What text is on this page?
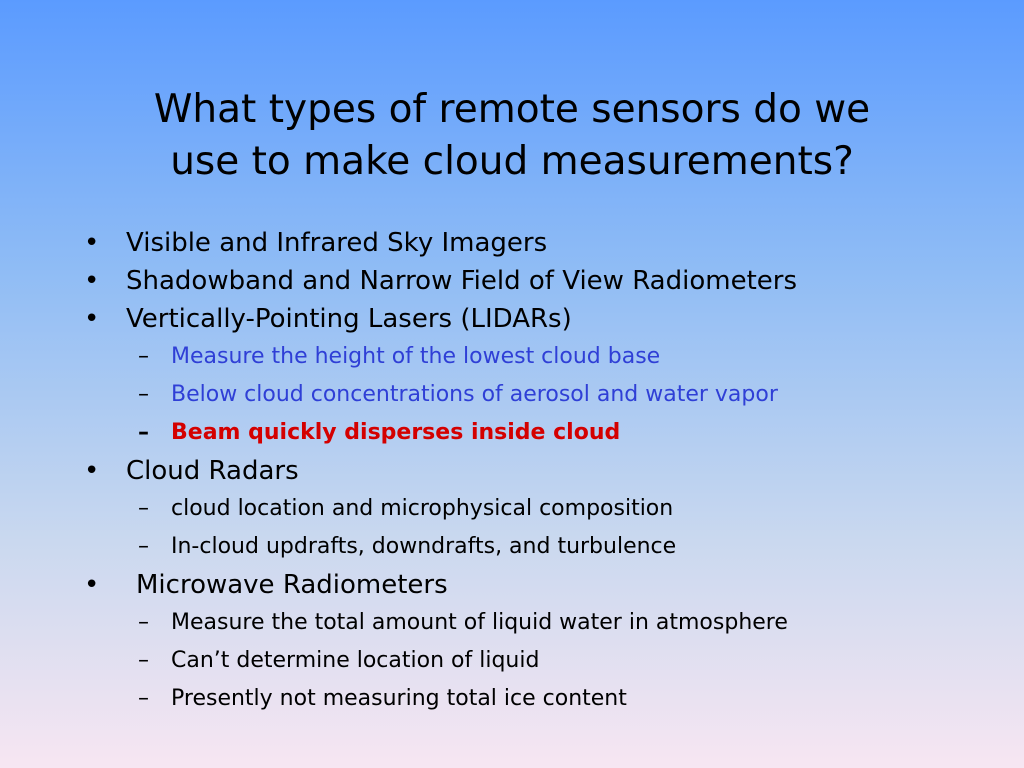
What types of remote sensors do we
use to make cloud measurements?
• Visible and Infrared Sky Imagers
• Shadowband and Narrow Field of View Radiometers
• Vertically-Pointing Lasers (LIDARs)
– Measure the height of the lowest cloud base
– Below cloud concentrations of aerosol and water vapor
– Beam quickly disperses inside cloud
• Cloud Radars
– cloud location and microphysical composition
– In-cloud updrafts, downdrafts, and turbulence
• Microwave Radiometers
– Measure the total amount of liquid water in atmosphere
– Can’t determine location of liquid
– Presently not measuring total ice content
